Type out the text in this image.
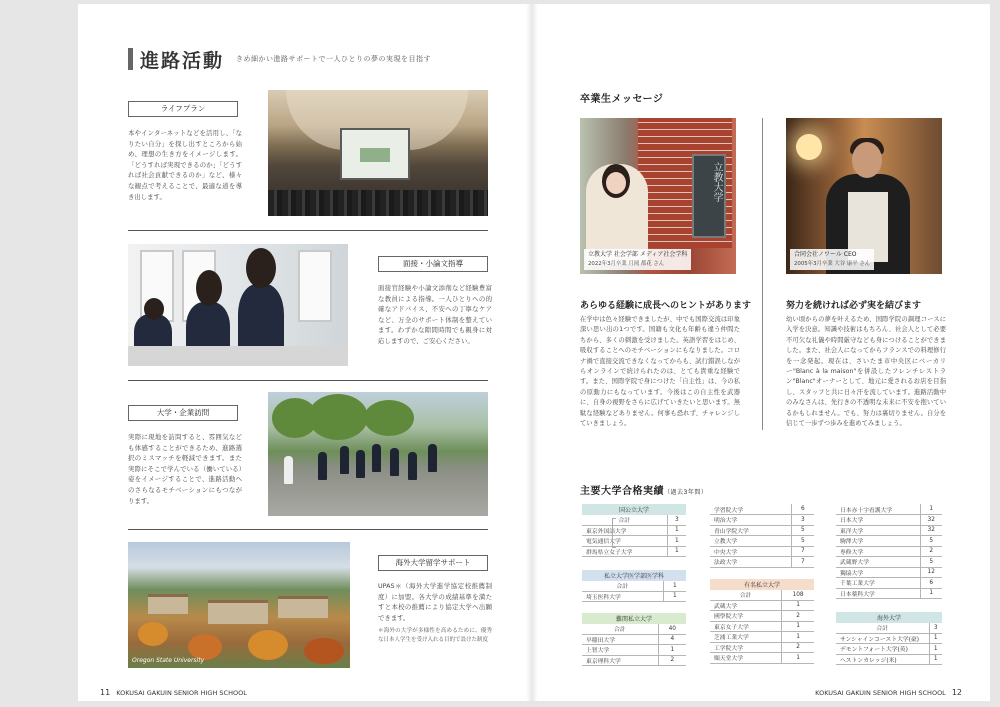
進路活動 きめ細かい進路サポートで一人ひとりの夢の実現を目指す
ライフプラン
本やインターネットなどを活用し、「なりたい自分」を探し出すところから始め、理想の生き方をイメージします。「どうすれば実現できるのか」「どうすれば社会貢献できるのか」など、様々な観点で考えることで、最適な道を導き出します。
面接・小論文指導
面接官経験や小論文添削など経験豊富な教員による指導。一人ひとりへの的確なアドバイス、不安への丁寧なケアなど、万全のサポート体制を整えています。わずかな隙間時間でも親身に対応しますので、ご安心ください。
大学・企業訪問
実際に現地を訪問すると、雰囲気なども体感することができるため、進路選択のミスマッチを軽減できます。また実際にそこで学んでいる（働いている）姿をイメージすることで、進路活動へのさらなるモチベーションにもつながります。
Oregon State University
海外大学留学サポート
UPAS＊（海外大学進学協定校推薦制度）に加盟。各大学の成績基準を満たすと本校の推薦により協定大学へ出願できます。
＊海外の大学が多様性を高めるために、優秀な日本人学生を受け入れる目的で設けた制度
11 KOKUSAI GAKUIN SENIOR HIGH SCHOOL
卒業生メッセージ
立教大学
立教大学 社会学部 メディア社会学科
2022年3月卒業 月岡 都花 さん
あらゆる経験に成長へのヒントがあります
在学中は色々経験できましたが、中でも国際交流は印象深い思い出の1つです。国籍も文化も年齢も違う仲間たちから、多くの刺激を受けました。英語学習をはじめ、吸収することへのモチベーションにもなりました。コロナ禍で直接交流できなくなってからも、試行錯誤しながらオンラインで続けられたのは、とても貴重な経験です。また、国際学院で身につけた「自主性」は、今の私の原動力にもなっています。今後はこの自主性を武器に、自身の視野をさらに広げていきたいと思います。無駄な経験などありません。何事も恐れず、チャレンジしていきましょう。
合同会社ノワール CEO
2005年3月卒業 大谷 康平 さん
努力を続ければ必ず実を結びます
幼い頃からの夢を叶えるため、国際学院の調理コースに入学を決意。知識や技術はもちろん、社会人として必要不可欠な礼儀や時間厳守なども身につけることができました。また、社会人になってからフランスでの料理修行を一念発起。現在は、さいたま市中央区にベーカリー"Blanc à la maison"を併設したフレンチレストラン"Blanc"オーナーとして、地元に愛されるお店を目指し、スタッフと共に日々汗を流しています。進路活動中のみなさんは、先行きの不透明な未来に不安を抱いているかもしれません。でも、努力は裏切りません。自分を信じて一歩ずつ歩みを進めてみましょう。
主要大学合格実績（過去3年間）
国公立大学	
合計	3
東京外国語大学	1
電気通信大学	1
群馬県立女子大学	1
私立大学医学部医学科	
合計	1
埼玉医科大学	1
難関私立大学	
合計	40
早稲田大学	4
上智大学	1
東京理科大学	2
学習院大学	6
明治大学	3
青山学院大学	5
立教大学	5
中央大学	7
法政大学	7
有名私立大学	
合計	108
武蔵大学	1
國學院大学	2
東京女子大学	1
芝浦工業大学	1
工学院大学	2
順天堂大学	1
日本赤十字看護大学	1
日本大学	32
東洋大学	32
駒澤大学	5
専修大学	2
武蔵野大学	5
獨協大学	12
千葉工業大学	6
日本薬科大学	1
海外大学	
合計	3
サンシャインコースト大学(豪)	1
デモントフォート大学(英)	1
ヘストンカレッジ(米)	1
KOKUSAI GAKUIN SENIOR HIGH SCHOOL 12
